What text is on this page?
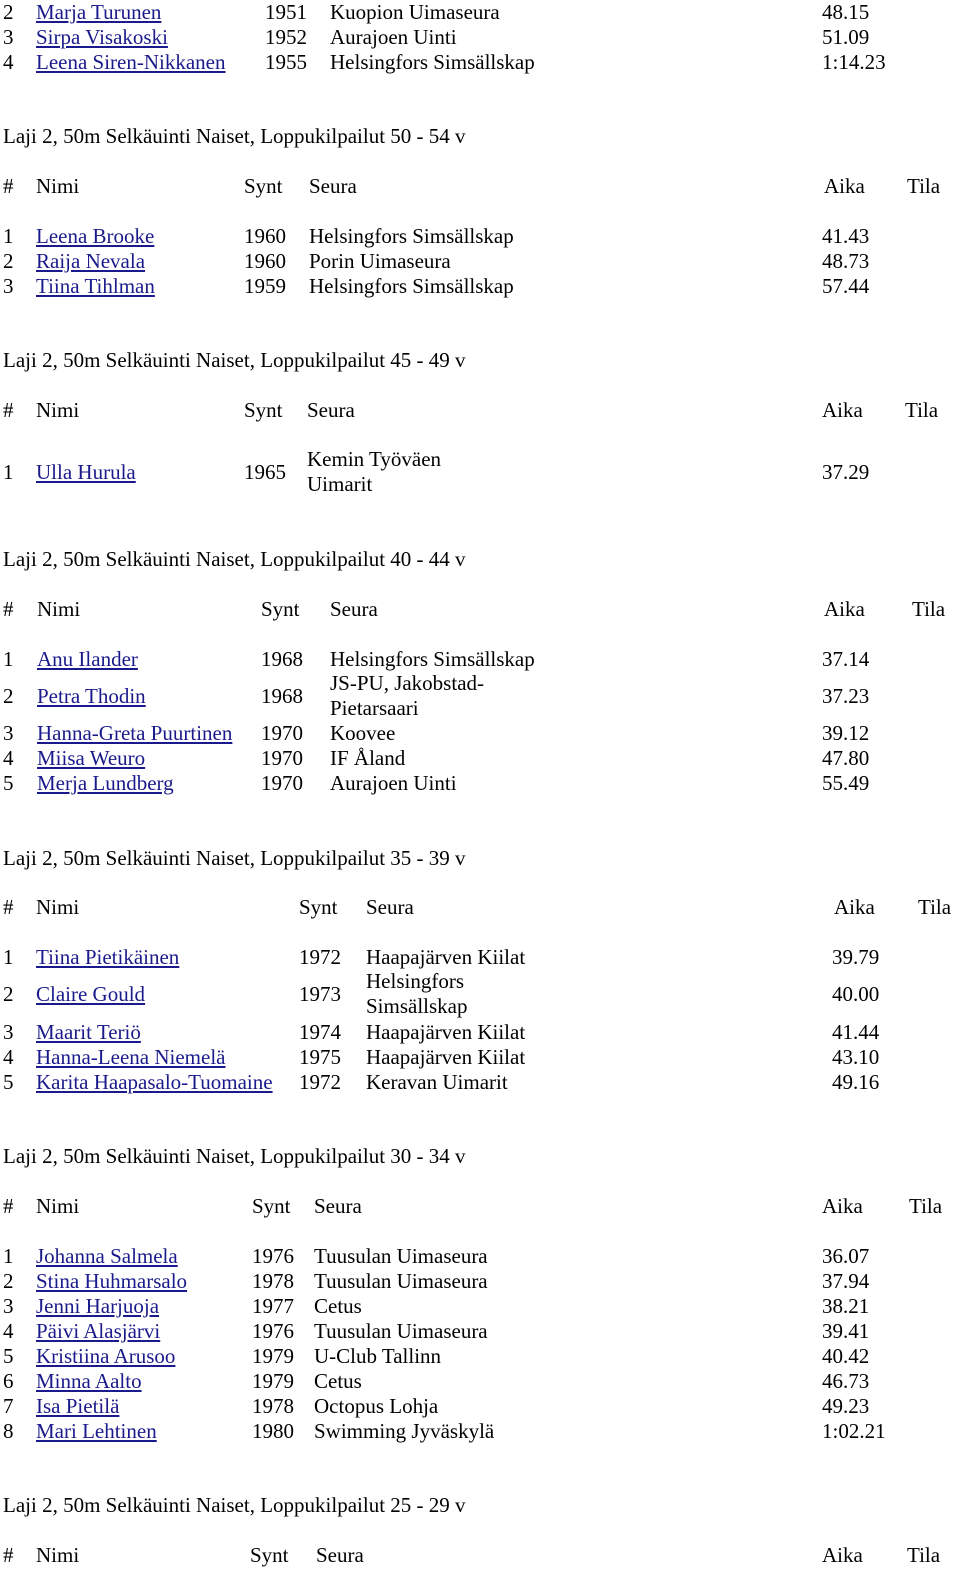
2 Marja Turunen	1951 Kuopion Uimaseura	48.15
3 Sirpa Visakoski	1952 Aurajoen Uinti	51.09
4 Leena Siren-Nikkanen 1955 Helsingfors Simsällskap	1:14.23
Laji 2, 50m Selkäuinti Naiset, Loppukilpailut 50 - 54 v
# Nimi	Synt Seura	Aika Tila
1 Leena Brooke	1960 Helsingfors Simsällskap	41.43
2 Raija Nevala	1960 Porin Uimaseura	48.73
3 Tiina Tihlman	1959 Helsingfors Simsällskap	57.44
Laji 2, 50m Selkäuinti Naiset, Loppukilpailut 45 - 49 v
# Nimi	Synt Seura	Aika Tila
1 Ulla Hurula	1965
Kemin Työväen
Uimarit	37.29
Laji 2, 50m Selkäuinti Naiset, Loppukilpailut 40 - 44 v
# Nimi	Synt Seura	Aika Tila
1 Anu Ilander	1968 Helsingfors Simsällskap	37.14
2 Petra Thodin	1968
JS-PU, Jakobstad-
Pietarsaari	37.23
3 Hanna-Greta Puurtinen 1970 Koovee	39.12
4 Miisa Weuro	1970 IF Åland	47.80
5 Merja Lundberg	1970 Aurajoen Uinti	55.49
Laji 2, 50m Selkäuinti Naiset, Loppukilpailut 35 - 39 v
# Nimi	Synt Seura	Aika Tila
1 Tiina Pietikäinen	1972 Haapajärven Kiilat	39.79
2 Claire Gould	1973
Helsingfors
Simsällskap	40.00
3 Maarit Teriö	1974 Haapajärven Kiilat	41.44
4 Hanna-Leena Niemelä	1975 Haapajärven Kiilat	43.10
5 Karita Haapasalo-Tuomaine 1972 Keravan Uimarit	49.16
Laji 2, 50m Selkäuinti Naiset, Loppukilpailut 30 - 34 v
# Nimi	Synt Seura	Aika Tila
1 Johanna Salmela	1976 Tuusulan Uimaseura	36.07
2 Stina Huhmarsalo	1978 Tuusulan Uimaseura	37.94
3 Jenni Harjuoja	1977 Cetus	38.21
4 Päivi Alasjärvi	1976 Tuusulan Uimaseura	39.41
5 Kristiina Arusoo	1979 U-Club Tallinn	40.42
6 Minna Aalto	1979 Cetus	46.73
7 Isa Pietilä	1978 Octopus Lohja	49.23
8 Mari Lehtinen	1980 Swimming Jyväskylä	1:02.21
Laji 2, 50m Selkäuinti Naiset, Loppukilpailut 25 - 29 v
# Nimi	Synt Seura	Aika Tila
